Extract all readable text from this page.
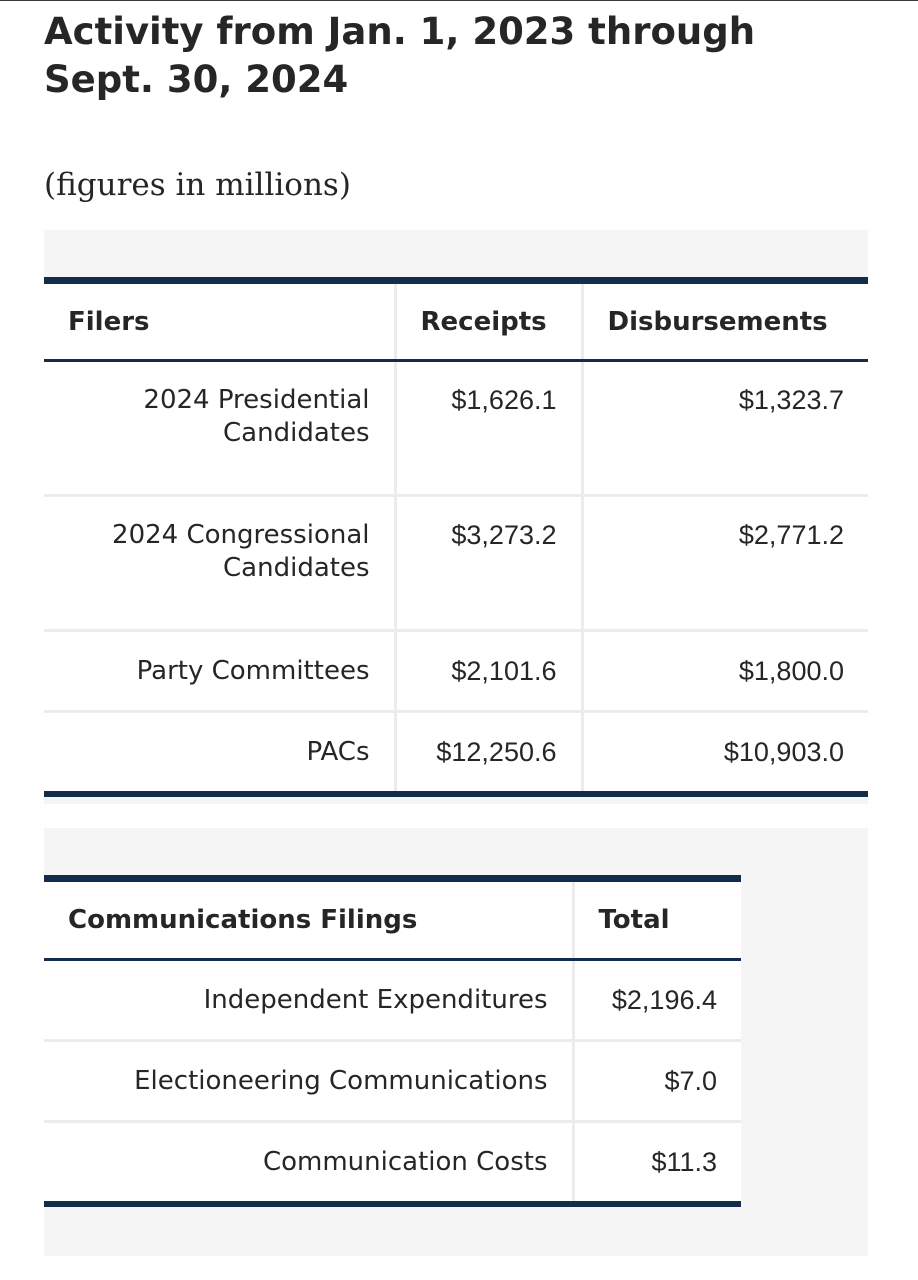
Activity from Jan. 1, 2023 through Sept. 30, 2024

(figures in millions)

Filers	Receipts	Disbursements
2024 Presidential Candidates	$1,626.1	$1,323.7
2024 Congressional Candidates	$3,273.2	$2,771.2
Party Committees	$2,101.6	$1,800.0
PACs	$12,250.6	$10,903.0
Communications Filings	Total
Independent Expenditures	$2,196.4
Electioneering Communications	$7.0
Communication Costs	$11.3
